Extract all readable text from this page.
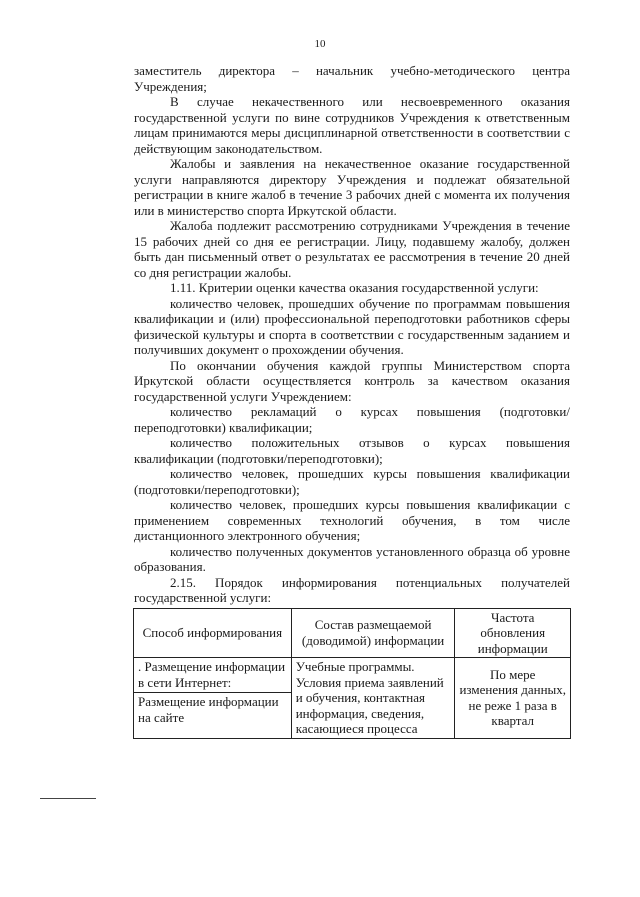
10

заместитель директора – начальник учебно-методического центра Учреждения;

В случае некачественного или несвоевременного оказания государственной услуги по вине сотрудников Учреждения к ответственным лицам принимаются меры дисциплинарной ответственности в соответствии с действующим законодательством.

Жалобы и заявления на некачественное оказание государственной услуги направляются директору Учреждения и подлежат обязательной регистрации в книге жалоб в течение 3 рабочих дней с момента их получения или в министерство спорта Иркутской области.

Жалоба подлежит рассмотрению сотрудниками Учреждения в течение 15 рабочих дней со дня ее регистрации. Лицу, подавшему жалобу, должен быть дан письменный ответ о результатах ее рассмотрения в течение 20 дней со дня регистрации жалобы.

1.11. Критерии оценки качества оказания государственной услуги:

количество человек, прошедших обучение по программам повышения квалификации и (или) профессиональной переподготовки работников сферы физической культуры и спорта в соответствии с государственным заданием и получивших документ о прохождении обучения.

По окончании обучения каждой группы Министерством спорта Иркутской области осуществляется контроль за качеством оказания государственной услуги Учреждением:

количество рекламаций о курсах повышения (подготовки/переподготовки) квалификации;

количество положительных отзывов о курсах повышения квалификации (подготовки/переподготовки);

количество человек, прошедших курсы повышения квалификации (подготовки/переподготовки);

количество человек, прошедших курсы повышения квалификации с применением современных технологий обучения, в том числе дистанционного электронного обучения;

количество полученных документов установленного образца об уровне образования.

2.15. Порядок информирования потенциальных получателей государственной услуги:

Способ информирования	Состав размещаемой (доводимой) информации	Частота обновления информации

. Размещение информации в сети Интернет:
Размещение информации на сайте	Учебные программы. Условия приема заявлений и обучения, контактная информация, сведения, касающиеся процесса	По мере изменения данных, не реже 1 раза в квартал
